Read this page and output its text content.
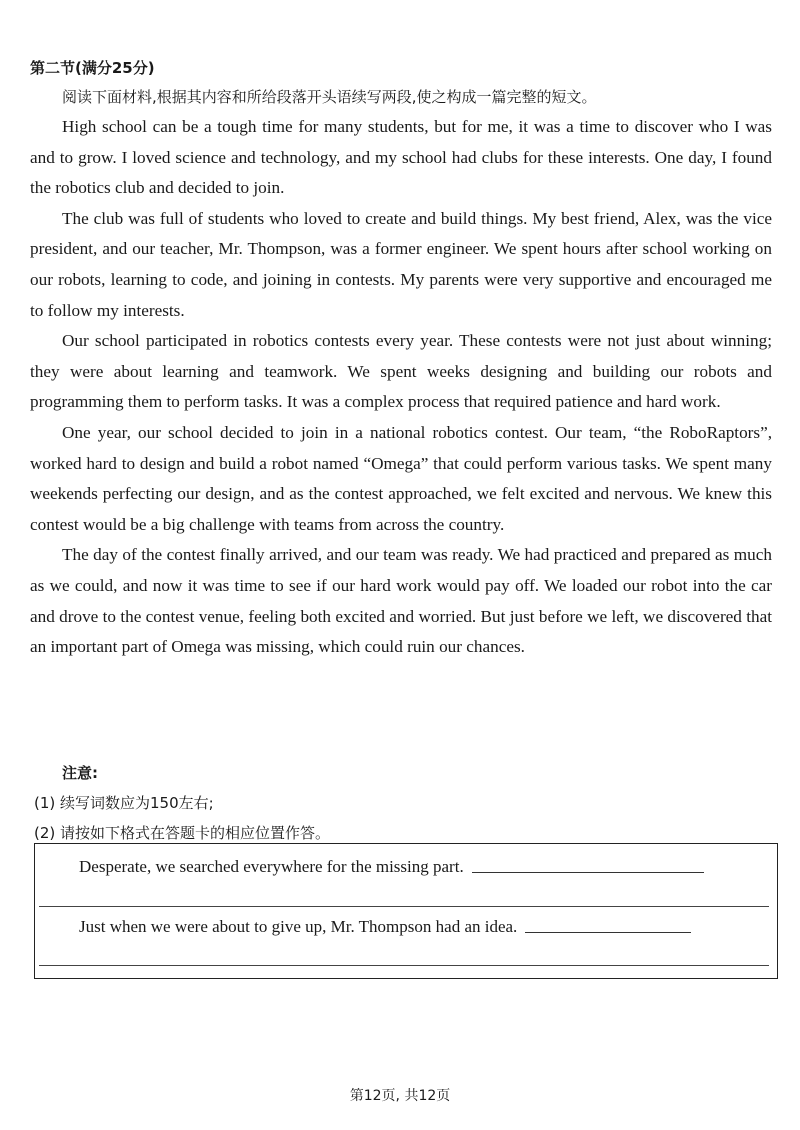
第二节(满分25分)
阅读下面材料,根据其内容和所给段落开头语续写两段,使之构成一篇完整的短文。

High school can be a tough time for many students, but for me, it was a time to discover who I was and to grow. I loved science and technology, and my school had clubs for these interests. One day, I found the robotics club and decided to join.

The club was full of students who loved to create and build things. My best friend, Alex, was the vice president, and our teacher, Mr. Thompson, was a former engineer. We spent hours after school working on our robots, learning to code, and joining in contests. My parents were very supportive and encouraged me to follow my interests.

Our school participated in robotics contests every year. These contests were not just about winning; they were about learning and teamwork. We spent weeks designing and building our robots and programming them to perform tasks. It was a complex process that required patience and hard work.

One year, our school decided to join in a national robotics contest. Our team, “the RoboRaptors”, worked hard to design and build a robot named “Omega” that could perform various tasks. We spent many weekends perfecting our design, and as the contest approached, we felt excited and nervous. We knew this contest would be a big challenge with teams from across the country.

The day of the contest finally arrived, and our team was ready. We had practiced and prepared as much as we could, and now it was time to see if our hard work would pay off. We loaded our robot into the car and drove to the contest venue, feeling both excited and worried. But just before we left, we discovered that an important part of Omega was missing, which could ruin our chances.

注意:
(1) 续写词数应为150左右;
(2) 请按如下格式在答题卡的相应位置作答。
Desperate, we searched everywhere for the missing part.
Just when we were about to give up, Mr. Thompson had an idea.
第12页, 共12页
